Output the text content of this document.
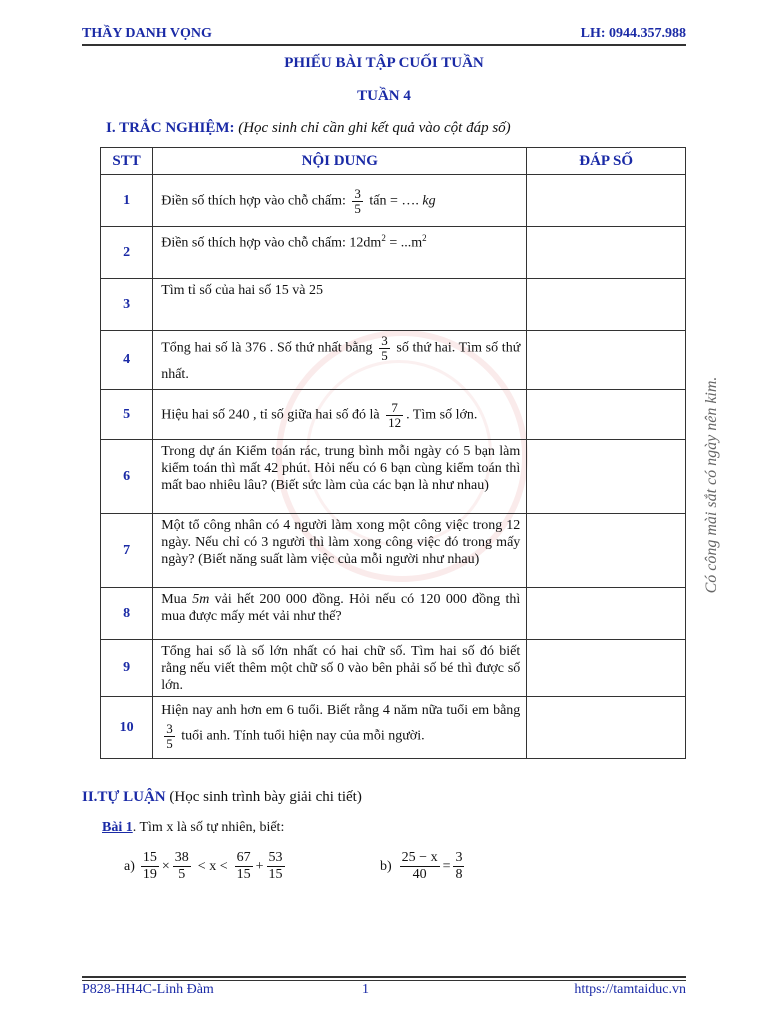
THẦY DANH VỌNG	LH: 0944.357.988
PHIẾU BÀI TẬP CUỐI TUẦN
TUẦN 4
I. TRẮC NGHIỆM: (Học sinh chỉ cần ghi kết quả vào cột đáp số)
STT	NỘI DUNG	ĐÁP SỐ
1	Điền số thích hợp vào chỗ chấm: $\frac{3}{5}$ tấn = …. kg	
2	Điền số thích hợp vào chỗ chấm: $12dm^2 = ...m^2$	
3	Tìm tỉ số của hai số 15 và 25	
4	Tổng hai số là 376 . Số thứ nhất bằng $\frac{3}{5}$ số thứ hai. Tìm số thứ nhất.	
5	Hiệu hai số 240 , tỉ số giữa hai số đó là $\frac{7}{12}$ . Tìm số lớn.	
6	Trong dự án Kiểm toán rác, trung bình mỗi ngày có 5 bạn làm kiểm toán thì mất 42 phút. Hỏi nếu có 6 bạn cùng kiểm toán thì mất bao nhiêu lâu? (Biết sức làm của các bạn là như nhau)	
7	Một tổ công nhân có 4 người làm xong một công việc trong 12 ngày. Nếu chỉ có 3 người thì làm xong công việc đó trong mấy ngày? (Biết năng suất làm việc của mỗi người như nhau)	
8	Mua 5m vải hết 200 000 đồng. Hỏi nếu có 120 000 đồng thì mua được mấy mét vải như thế?	
9	Tổng hai số là số lớn nhất có hai chữ số. Tìm hai số đó biết rằng nếu viết thêm một chữ số 0 vào bên phải số bé thì được số lớn.	
10	Hiện nay anh hơn em 6 tuổi. Biết rằng 4 năm nữa tuổi em bằng
$\frac{3}{5}$ tuổi anh. Tính tuổi hiện nay của mỗi người.	
Có công mài sắt có ngày nên kim.
II.TỰ LUẬN (Học sinh trình bày giải chi tiết)
Bài 1. Tìm x là số tự nhiên, biết:
$a) \frac{15}{19} \times \frac{38}{5} < x < \frac{67}{15} + \frac{53}{15}$	$b) \frac{25 - x}{40} = \frac{3}{8}$
P828-HH4C-Linh Đàm	1	https://tamtaiduc.vn
